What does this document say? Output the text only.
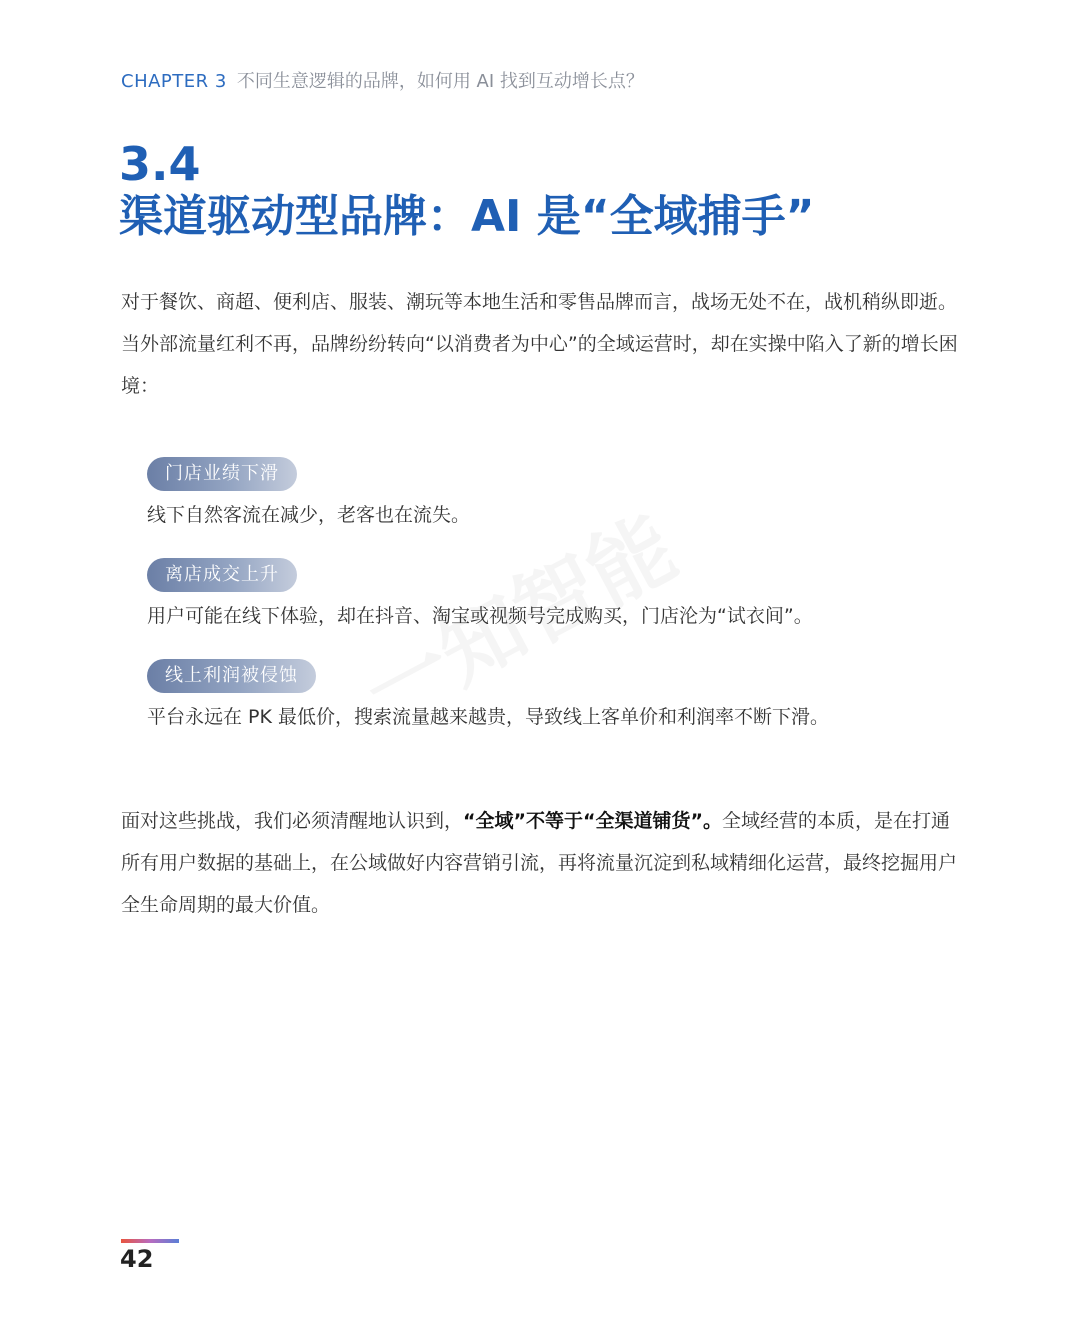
CHAPTER 3 不同生意逻辑的品牌，如何用 AI 找到互动增长点？
3.4
渠道驱动型品牌：AI 是“全域捕手”
对于餐饮、商超、便利店、服装、潮玩等本地生活和零售品牌而言，战场无处不在，战机稍纵即逝。当外部流量红利不再，品牌纷纷转向“以消费者为中心”的全域运营时，却在实操中陷入了新的增长困境：
门店业绩下滑
线下自然客流在减少，老客也在流失。
离店成交上升
用户可能在线下体验，却在抖音、淘宝或视频号完成购买，门店沦为“试衣间”。
线上利润被侵蚀
平台永远在 PK 最低价，搜索流量越来越贵，导致线上客单价和利润率不断下滑。
面对这些挑战，我们必须清醒地认识到，“全域”不等于“全渠道铺货”。全域经营的本质，是在打通所有用户数据的基础上，在公域做好内容营销引流，再将流量沉淀到私域精细化运营，最终挖掘用户全生命周期的最大价值。
42
